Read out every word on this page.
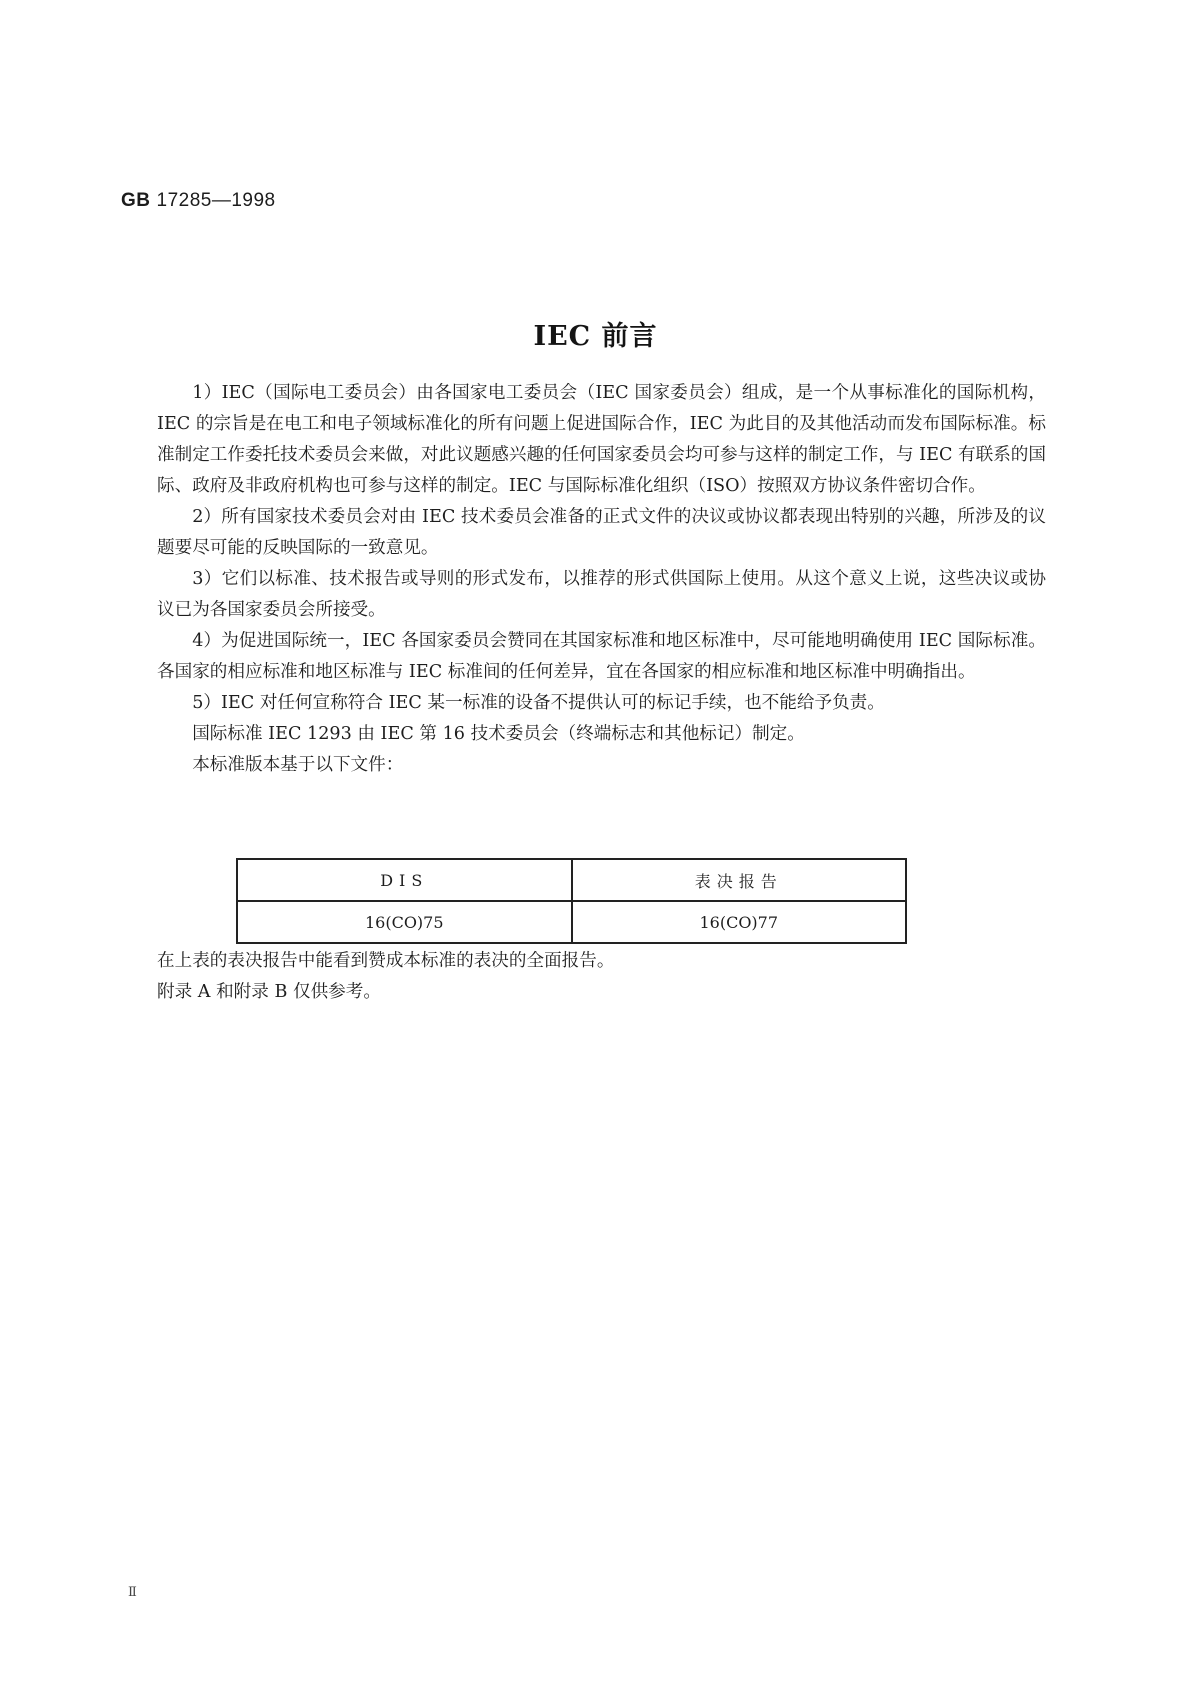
GB 17285—1998
IEC 前言

1）IEC（国际电工委员会）由各国家电工委员会（IEC 国家委员会）组成，是一个从事标准化的国际机构，IEC 的宗旨是在电工和电子领域标准化的所有问题上促进国际合作，IEC 为此目的及其他活动而发布国际标准。标准制定工作委托技术委员会来做，对此议题感兴趣的任何国家委员会均可参与这样的制定工作，与 IEC 有联系的国际、政府及非政府机构也可参与这样的制定。IEC 与国际标准化组织（ISO）按照双方协议条件密切合作。

2）所有国家技术委员会对由 IEC 技术委员会准备的正式文件的决议或协议都表现出特别的兴趣，所涉及的议题要尽可能的反映国际的一致意见。

3）它们以标准、技术报告或导则的形式发布，以推荐的形式供国际上使用。从这个意义上说，这些决议或协议已为各国家委员会所接受。

4）为促进国际统一，IEC 各国家委员会赞同在其国家标准和地区标准中，尽可能地明确使用 IEC 国际标准。各国家的相应标准和地区标准与 IEC 标准间的任何差异，宜在各国家的相应标准和地区标准中明确指出。

5）IEC 对任何宣称符合 IEC 某一标准的设备不提供认可的标记手续，也不能给予负责。

国际标准 IEC 1293 由 IEC 第 16 技术委员会（终端标志和其他标记）制定。

本标准版本基于以下文件：

DIS	表决报告
16(CO)75	16(CO)77

在上表的表决报告中能看到赞成本标准的表决的全面报告。

附录 A 和附录 B 仅供参考。

Ⅱ
